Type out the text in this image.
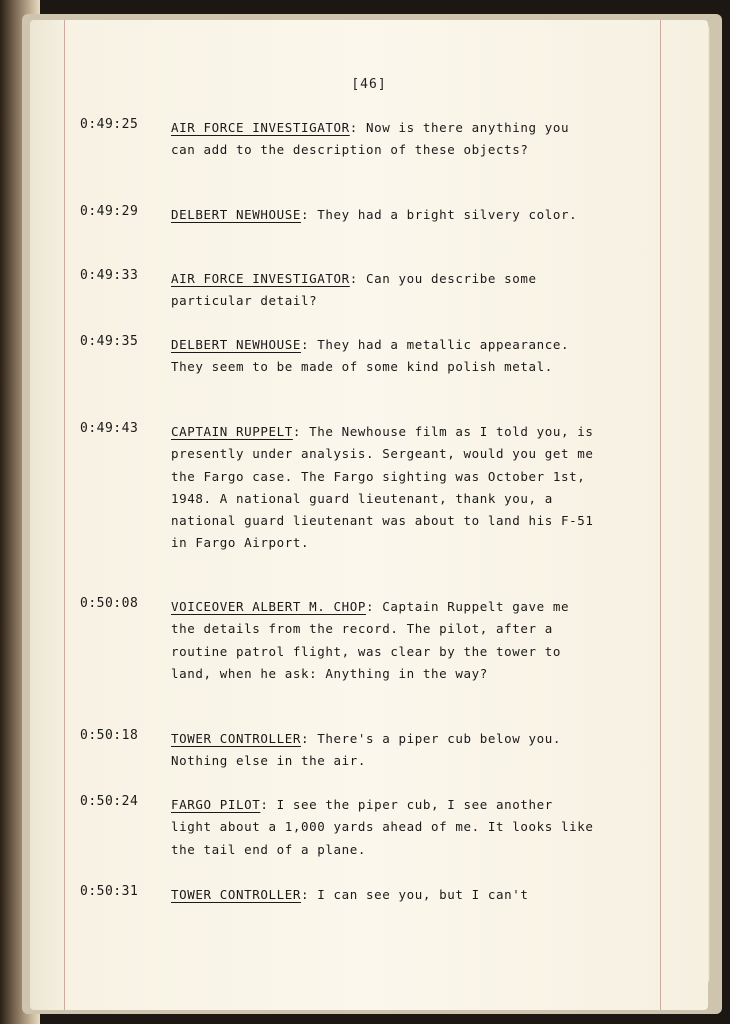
[46]
0:49:25	AIR FORCE INVESTIGATOR: Now is there anything you can add to the description of these objects?
0:49:29	DELBERT NEWHOUSE: They had a bright silvery color.
0:49:33	AIR FORCE INVESTIGATOR: Can you describe some particular detail?
0:49:35	DELBERT NEWHOUSE: They had a metallic appearance. They seem to be made of some kind polish metal.
0:49:43	CAPTAIN RUPPELT: The Newhouse film as I told you, is presently under analysis. Sergeant, would you get me the Fargo case. The Fargo sighting was October 1st, 1948. A national guard lieutenant, thank you, a national guard lieutenant was about to land his F-51 in Fargo Airport.
0:50:08	VOICEOVER ALBERT M. CHOP: Captain Ruppelt gave me the details from the record. The pilot, after a routine patrol flight, was clear by the tower to land, when he ask: Anything in the way?
0:50:18	TOWER CONTROLLER: There's a piper cub below you. Nothing else in the air.
0:50:24	FARGO PILOT: I see the piper cub, I see another light about a 1,000 yards ahead of me. It looks like the tail end of a plane.
0:50:31	TOWER CONTROLLER: I can see you, but I can't
